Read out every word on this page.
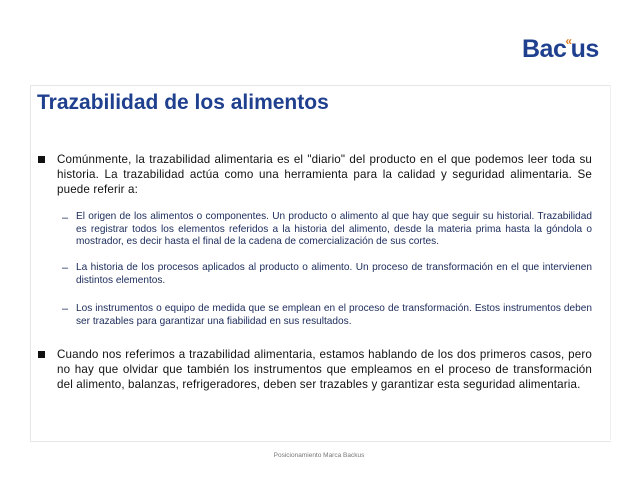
Bac«us
Trazabilidad de los alimentos
Comúnmente, la trazabilidad alimentaria es el "diario" del producto en el que podemos leer toda su historia. La trazabilidad actúa como una herramienta para la calidad y seguridad alimentaria. Se puede referir a:
– El origen de los alimentos o componentes. Un producto o alimento al que hay que seguir su historial. Trazabilidad es registrar todos los elementos referidos a la historia del alimento, desde la materia prima hasta la góndola o mostrador, es decir hasta el final de la cadena de comercialización de sus cortes.
– La historia de los procesos aplicados al producto o alimento. Un proceso de transformación en el que intervienen distintos elementos.
– Los instrumentos o equipo de medida que se emplean en el proceso de transformación. Estos instrumentos deben ser trazables para garantizar una fiabilidad en sus resultados.
Cuando nos referimos a trazabilidad alimentaria, estamos hablando de los dos primeros casos, pero no hay que olvidar que también los instrumentos que empleamos en el proceso de transformación del alimento, balanzas, refrigeradores, deben ser trazables y garantizar esta seguridad alimentaria.
Posicionamiento Marca Backus
